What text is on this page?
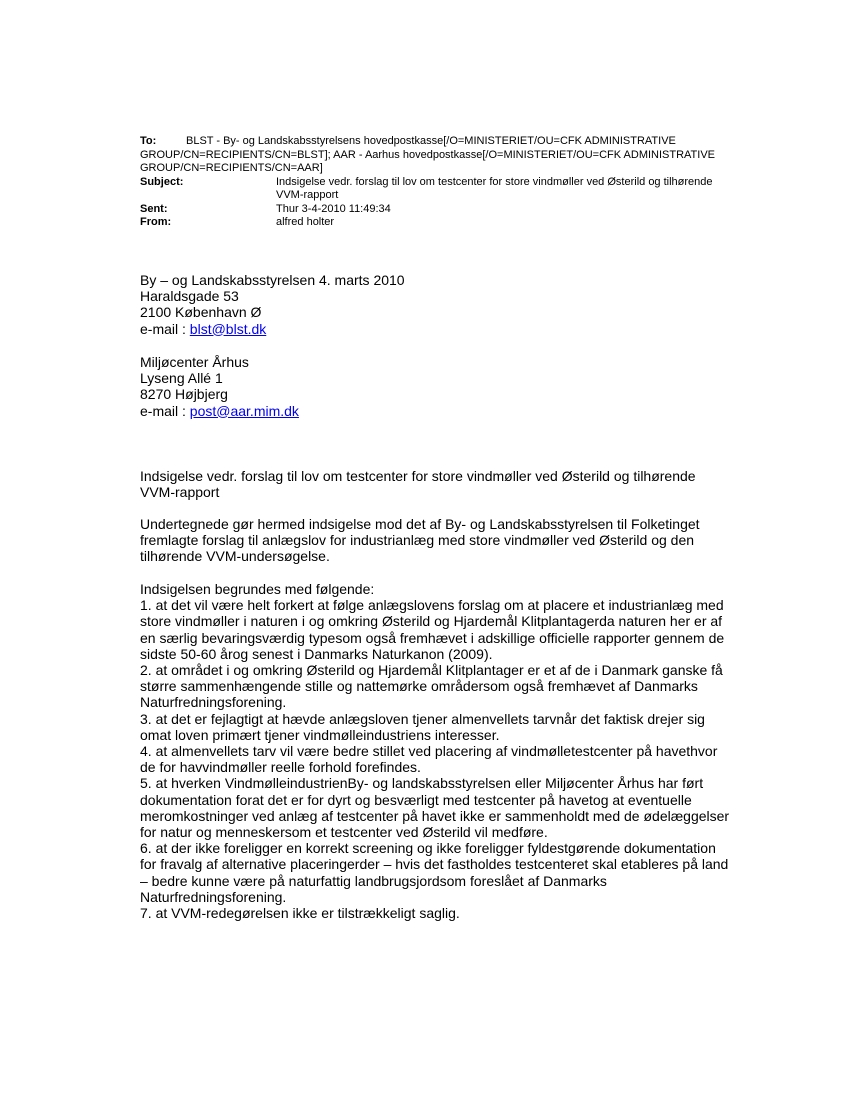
To:	BLST - By- og Landskabsstyrelsens hovedpostkasse[/O=MINISTERIET/OU=CFK ADMINISTRATIVE GROUP/CN=RECIPIENTS/CN=BLST]; AAR - Aarhus hovedpostkasse[/O=MINISTERIET/OU=CFK ADMINISTRATIVE GROUP/CN=RECIPIENTS/CN=AAR]

Subject:	Indsigelse vedr. forslag til lov om testcenter for store vindmøller ved Østerild og tilhørende VVM-rapport
Sent:	Thur 3-4-2010 11:49:34
From:	alfred holter

By – og Landskabsstyrelsen 4. marts 2010

Haraldsgade 53

2100 København Ø

e-mail : blst@blst.dk

Miljøcenter Århus

Lyseng Allé 1

8270 Højbjerg

e-mail : post@aar.mim.dk

Indsigelse vedr. forslag til lov om testcenter for store vindmøller ved Østerild og tilhørende VVM-rapport

Undertegnede gør hermed indsigelse mod det af By- og Landskabsstyrelsen til Folketinget fremlagte forslag til anlægslov for industrianlæg med store vindmøller ved Østerild og den tilhørende VVM-undersøgelse.

Indsigelsen begrundes med følgende:

1. at det vil være helt forkert at følge anlægslovens forslag om at placere et industrianlæg med store vindmøller i naturen i og omkring Østerild og Hjardemål Klitplantagerda naturen her er af en særlig bevaringsværdig typesom også fremhævet i adskillige officielle rapporter gennem de sidste 50-60 årog senest i Danmarks Naturkanon (2009).

2. at området i og omkring Østerild og Hjardemål Klitplantager er et af de i Danmark ganske få større sammenhængende stille og nattemørke områdersom også fremhævet af Danmarks Naturfredningsforening.

3. at det er fejlagtigt at hævde anlægsloven tjener almenvellets tarvnår det faktisk drejer sig omat loven primært tjener vindmølleindustriens interesser.

4. at almenvellets tarv vil være bedre stillet ved placering af vindmølletestcenter på havethvor de for havvindmøller reelle forhold forefindes.

5. at hverken VindmølleindustrienBy- og landskabsstyrelsen eller Miljøcenter Århus har ført dokumentation forat det er for dyrt og besværligt med testcenter på havetog at eventuelle meromkostninger ved anlæg af testcenter på havet ikke er sammenholdt med de ødelæggelser for natur og menneskersom et testcenter ved Østerild vil medføre.

6. at der ikke foreligger en korrekt screening og ikke foreligger fyldestgørende dokumentation for fravalg af alternative placeringerder – hvis det fastholdes testcenteret skal etableres på land – bedre kunne være på naturfattig landbrugsjordsom foreslået af Danmarks Naturfredningsforening.

7. at VVM-redegørelsen ikke er tilstrækkeligt saglig.
